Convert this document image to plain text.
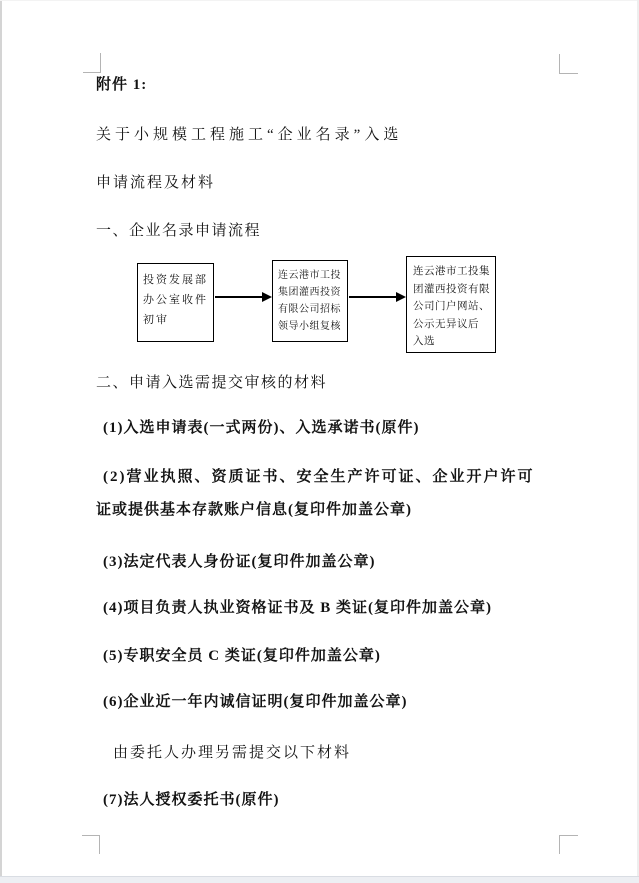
附件 1:
关于小规模工程施工“企业名录”入选
申请流程及材料
一、企业名录申请流程
投资发展部
办公室收件
初审
连云港市工投
集团灌西投资
有限公司招标
领导小组复核
连云港市工投集
团灌西投资有限
公司门户网站、
公示无异议后
入选
二、申请入选需提交审核的材料
(1)入选申请表(一式两份)、入选承诺书(原件)
(2)营业执照、资质证书、安全生产许可证、企业开户许可
证或提供基本存款账户信息(复印件加盖公章)
(3)法定代表人身份证(复印件加盖公章)
(4)项目负责人执业资格证书及 B 类证(复印件加盖公章)
(5)专职安全员 C 类证(复印件加盖公章)
(6)企业近一年内诚信证明(复印件加盖公章)
由委托人办理另需提交以下材料
(7)法人授权委托书(原件)
